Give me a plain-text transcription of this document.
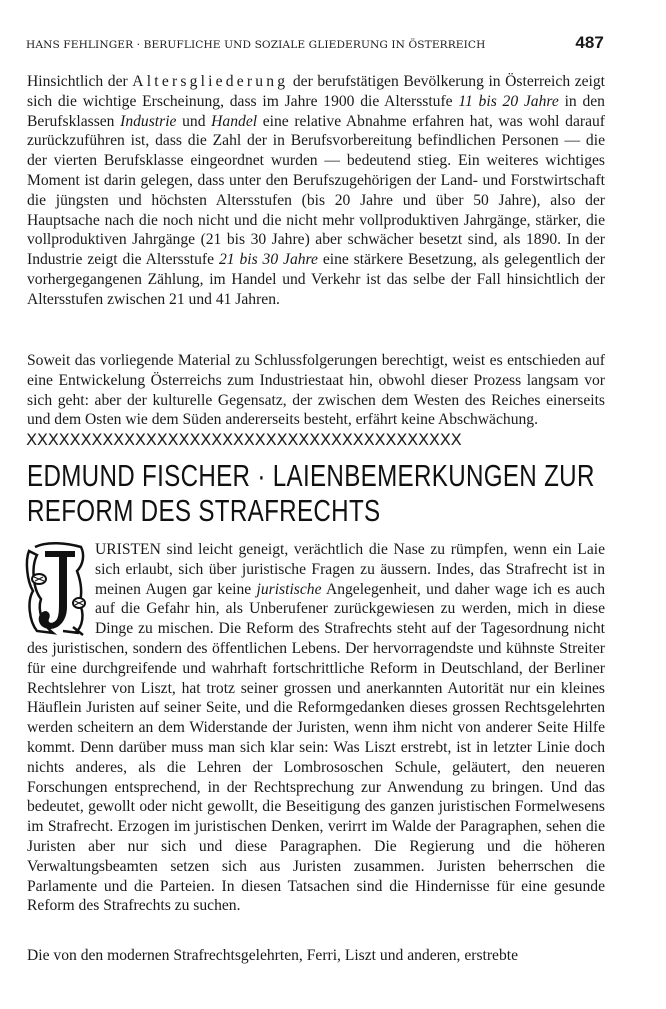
HANS FEHLINGER · BERUFLICHE UND SOZIALE GLIEDERUNG IN ÖSTERREICH	487

Hinsichtlich der Altersgliederung der berufstätigen Bevölkerung in Österreich zeigt sich die wichtige Erscheinung, dass im Jahre 1900 die Altersstufe 11 bis 20 Jahre in den Berufsklassen Industrie und Handel eine relative Abnahme erfahren hat, was wohl darauf zurückzuführen ist, dass die Zahl der in Berufsvorbereitung befindlichen Personen — die der vierten Berufsklasse eingeordnet wurden — bedeutend stieg. Ein weiteres wichtiges Moment ist darin gelegen, dass unter den Berufszugehörigen der Land- und Forstwirtschaft die jüngsten und höchsten Altersstufen (bis 20 Jahre und über 50 Jahre), also der Hauptsache nach die noch nicht und die nicht mehr vollproduktiven Jahrgänge, stärker, die vollproduktiven Jahrgänge (21 bis 30 Jahre) aber schwächer besetzt sind, als 1890. In der Industrie zeigt die Altersstufe 21 bis 30 Jahre eine stärkere Besetzung, als gelegentlich der vorhergegangenen Zählung, im Handel und Verkehr ist das selbe der Fall hinsichtlich der Altersstufen zwischen 21 und 41 Jahren.

Soweit das vorliegende Material zu Schlussfolgerungen berechtigt, weist es entschieden auf eine Entwickelung Österreichs zum Industriestaat hin, obwohl dieser Prozess langsam vor sich geht: aber der kulturelle Gegensatz, der zwischen dem Westen des Reiches einerseits und dem Osten wie dem Süden andererseits besteht, erfährt keine Abschwächung.

XXXXXXXXXXXXXXXXXXXXXXXXXXXXXXXXXXXXXXXX
EDMUND FISCHER · LAIENBEMERKUNGEN ZUR
REFORM DES STRAFRECHTS

URISTEN sind leicht geneigt, verächtlich die Nase zu rümpfen, wenn ein Laie sich erlaubt, sich über juristische Fragen zu äussern. Indes, das Strafrecht ist in meinen Augen gar keine juristische Angelegenheit, und daher wage ich es auch auf die Gefahr hin, als Unberufener zurückgewiesen zu werden, mich in diese Dinge zu mischen. Die Reform des Strafrechts steht auf der Tagesordnung nicht des juristischen, sondern des öffentlichen Lebens. Der hervorragendste und kühnste Streiter für eine durchgreifende und wahrhaft fortschrittliche Reform in Deutschland, der Berliner Rechtslehrer von Liszt, hat trotz seiner grossen und anerkannten Autorität nur ein kleines Häuflein Juristen auf seiner Seite, und die Reformgedanken dieses grossen Rechtsgelehrten werden scheitern an dem Widerstande der Juristen, wenn ihm nicht von anderer Seite Hilfe kommt. Denn darüber muss man sich klar sein: Was Liszt erstrebt, ist in letzter Linie doch nichts anderes, als die Lehren der Lombrososchen Schule, geläutert, den neueren Forschungen entsprechend, in der Rechtsprechung zur Anwendung zu bringen. Und das bedeutet, gewollt oder nicht gewollt, die Beseitigung des ganzen juristischen Formelwesens im Strafrecht. Erzogen im juristischen Denken, verirrt im Walde der Paragraphen, sehen die Juristen aber nur sich und diese Paragraphen. Die Regierung und die höheren Verwaltungsbeamten setzen sich aus Juristen zusammen. Juristen beherrschen die Parlamente und die Parteien. In diesen Tatsachen sind die Hindernisse für eine gesunde Reform des Strafrechts zu suchen.

Die von den modernen Strafrechtsgelehrten, Ferri, Liszt und anderen, erstrebte
